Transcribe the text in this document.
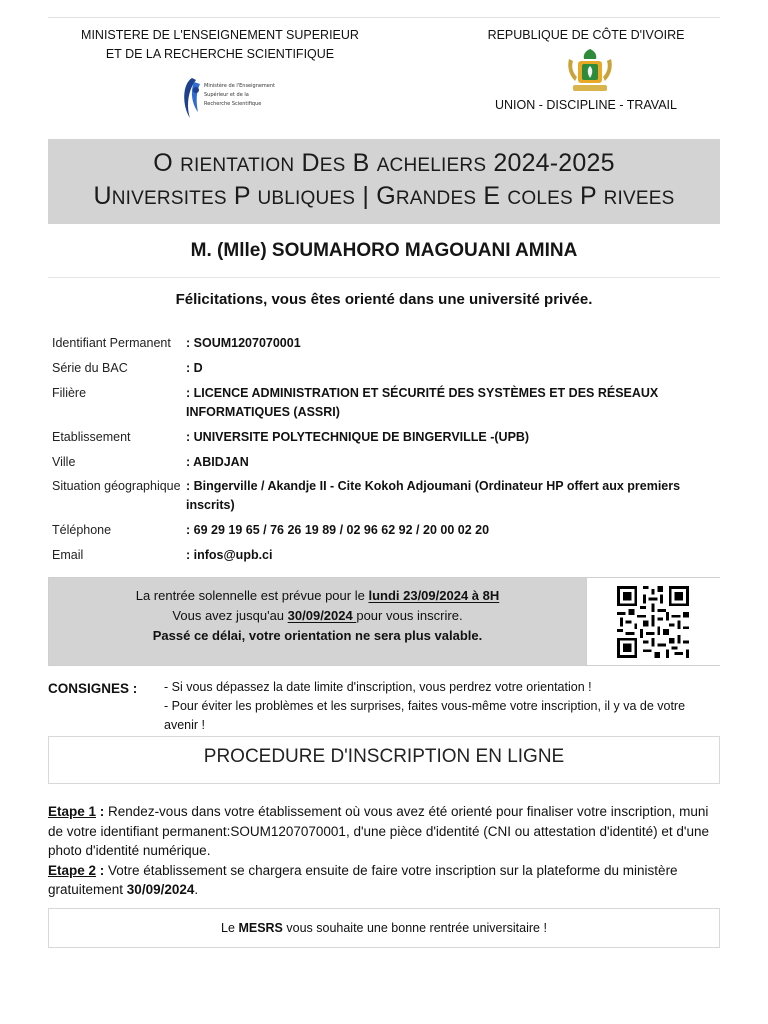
MINISTERE DE L'ENSEIGNEMENT SUPERIEUR
ET DE LA RECHERCHE SCIENTIFIQUE
Ministère de l'Enseignement
Supérieur et de la
Recherche Scientifique
REPUBLIQUE DE CÔTE D'IVOIRE
UNION - DISCIPLINE - TRAVAIL
O RIENTATION DES B ACHELIERS 2024-2025
UNIVERSITES P UBLIQUES | GRANDES E COLES P RIVEES
M. (Mlle) SOUMAHORO MAGOUANI AMINA
Félicitations, vous êtes orienté dans une université privée.
Identifiant Permanent	: SOUM1207070001
Série du BAC	: D
Filière	: LICENCE ADMINISTRATION ET SÉCURITÉ DES SYSTÈMES ET DES RÉSEAUX INFORMATIQUES (ASSRI)
Etablissement	: UNIVERSITE POLYTECHNIQUE DE BINGERVILLE -(UPB)
Ville	: ABIDJAN
Situation géographique : Bingerville / Akandje II - Cite Kokoh Adjoumani (Ordinateur HP offert aux premiers inscrits)
Téléphone	: 69 29 19 65 / 76 26 19 89 / 02 96 62 92 / 20 00 02 20
Email	: infos@upb.ci
La rentrée solennelle est prévue pour le lundi 23/09/2024 à 8H
Vous avez jusqu'au 30/09/2024 pour vous inscrire.
Passé ce délai, votre orientation ne sera plus valable.
CONSIGNES : - Si vous dépassez la date limite d'inscription, vous perdrez votre orientation !
- Pour éviter les problèmes et les surprises, faites vous-même votre inscription, il y va de votre avenir !
PROCEDURE D'INSCRIPTION EN LIGNE

Etape 1 : Rendez-vous dans votre établissement où vous avez été orienté pour finaliser votre inscription, muni de votre identifiant permanent:SOUM1207070001, d'une pièce d'identité (CNI ou attestation d'identité) et d'une photo d'identité numérique.

Etape 2 : Votre établissement se chargera ensuite de faire votre inscription sur la plateforme du ministère gratuitement 30/09/2024.

Le MESRS vous souhaite une bonne rentrée universitaire !
